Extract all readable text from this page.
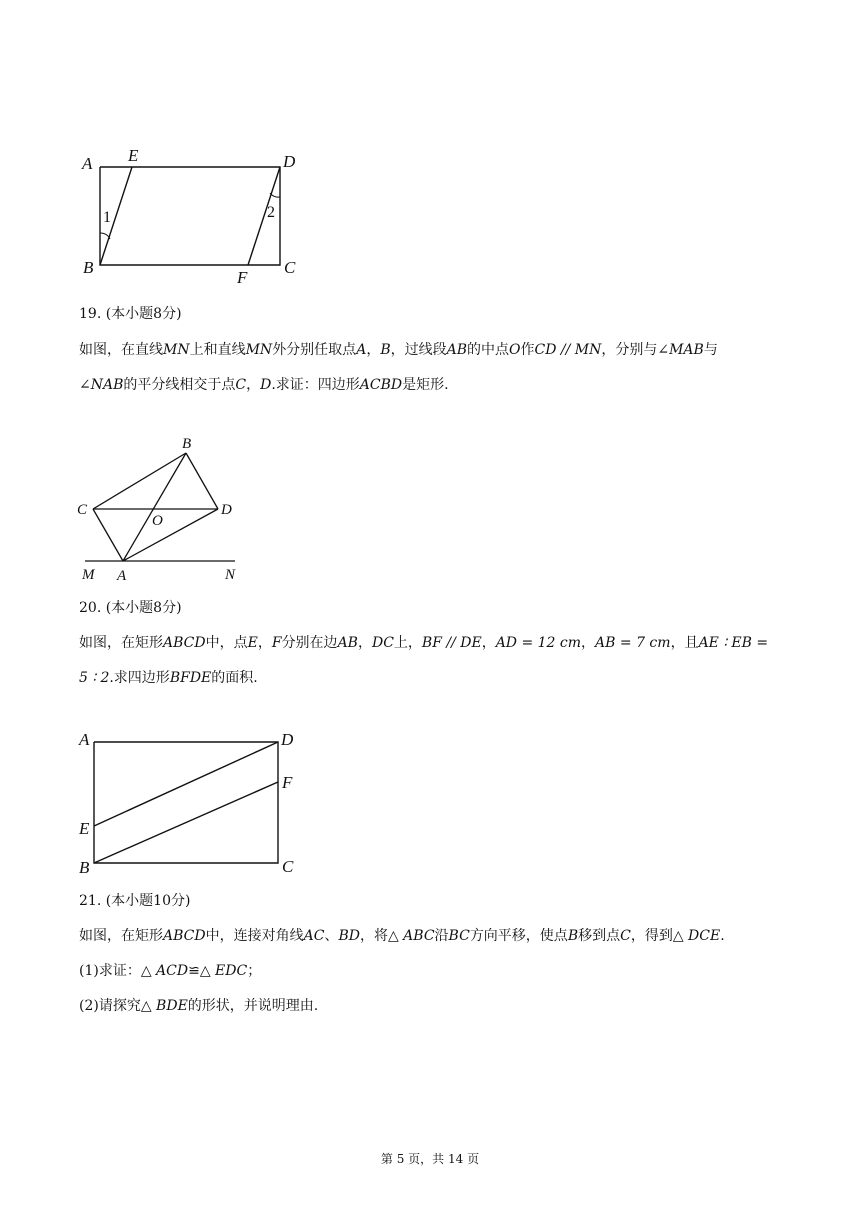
A E	D
B
F
C
1	2
19. (本小题8分)
如图，在直线MN上和直线MN外分别任取点A，B，过线段AB的中点O作CD // MN，分别与∠MAB与
∠NAB的平分线相交于点C，D.求证：四边形ACBD是矩形.
B
C
O
D
M A	N
20. (本小题8分)
如图，在矩形ABCD中，点E，F分别在边AB，DC上，BF // DE，AD = 12 cm，AB = 7 cm，且AE ∶ EB =
5 ∶ 2.求四边形BFDE的面积.
A	D
F
E
B	C
21. (本小题10分)
如图，在矩形ABCD中，连接对角线AC、BD，将△ ABC沿BC方向平移，使点B移到点C，得到△ DCE.
(1)求证：△ ACD≌△ EDC；
(2)请探究△ BDE的形状，并说明理由.
第 5 页，共 14 页
